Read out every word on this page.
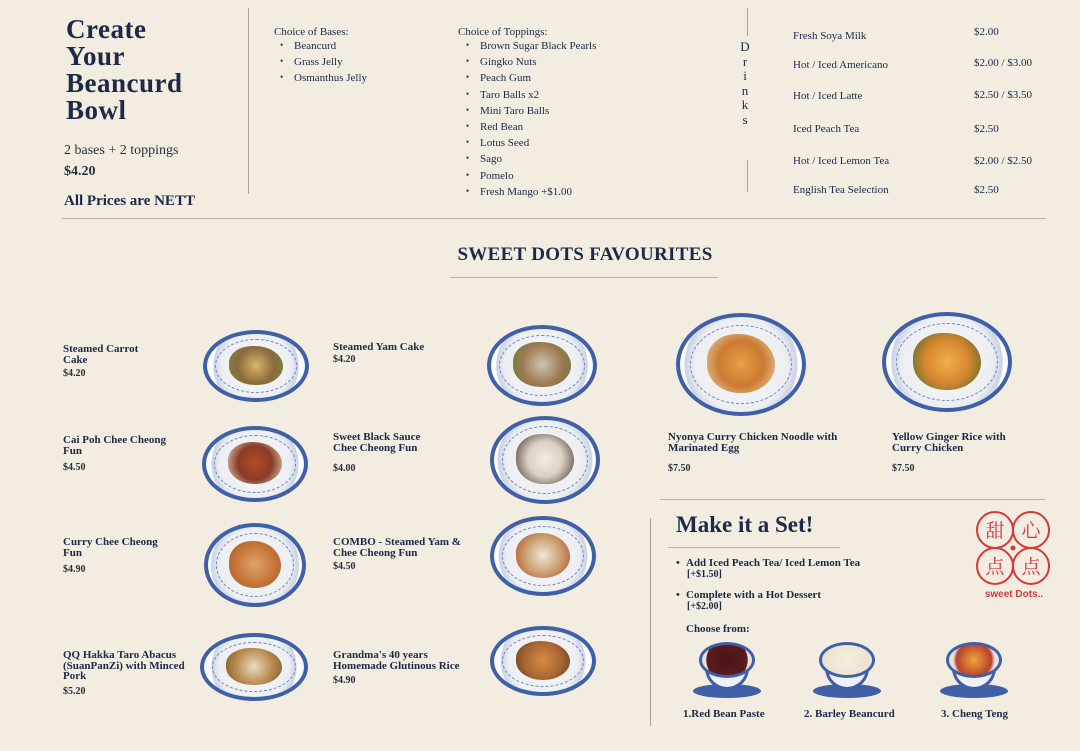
Create
Your
Beancurd
Bowl
2 bases + 2 toppings
$4.20
All Prices are NETT
Choice of Bases:
• Beancurd
• Grass Jelly
• Osmanthus Jelly
Choice of Toppings:
• Brown Sugar Black Pearls
• Gingko Nuts
• Peach Gum
• Taro Balls x2
• Mini Taro Balls
• Red Bean
• Lotus Seed
• Sago
• Pomelo
• Fresh Mango +$1.00
D
r
i
n
k
s
Fresh Soya Milk	$2.00
Hot / Iced Americano	$2.00 / $3.00
Hot / Iced Latte	$2.50 / $3.50
Iced Peach Tea	$2.50
Hot / Iced Lemon Tea	$2.00 / $2.50
English Tea Selection	$2.50
SWEET DOTS FAVOURITES
Steamed Carrot Cake
$4.20
Cai Poh Chee Cheong Fun
$4.50
Curry Chee Cheong Fun
$4.90
QQ Hakka Taro Abacus (SuanPanZi) with Minced Pork
$5.20
Steamed Yam Cake
$4.20
Sweet Black Sauce Chee Cheong Fun
$4.00
COMBO - Steamed Yam & Chee Cheong Fun
$4.50
Grandma's 40 years Homemade Glutinous Rice
$4.90
Nyonya Curry Chicken Noodle with Marinated Egg
$7.50
Yellow Ginger Rice with Curry Chicken
$7.50
Make it a Set!
• Add Iced Peach Tea/ Iced Lemon Tea
[+$1.50]
• Complete with a Hot Dessert
[+$2.00]
Choose from:
1.Red Bean Paste	2. Barley Beancurd	3. Cheng Teng
甜 心
点 点
sweet Dots..
